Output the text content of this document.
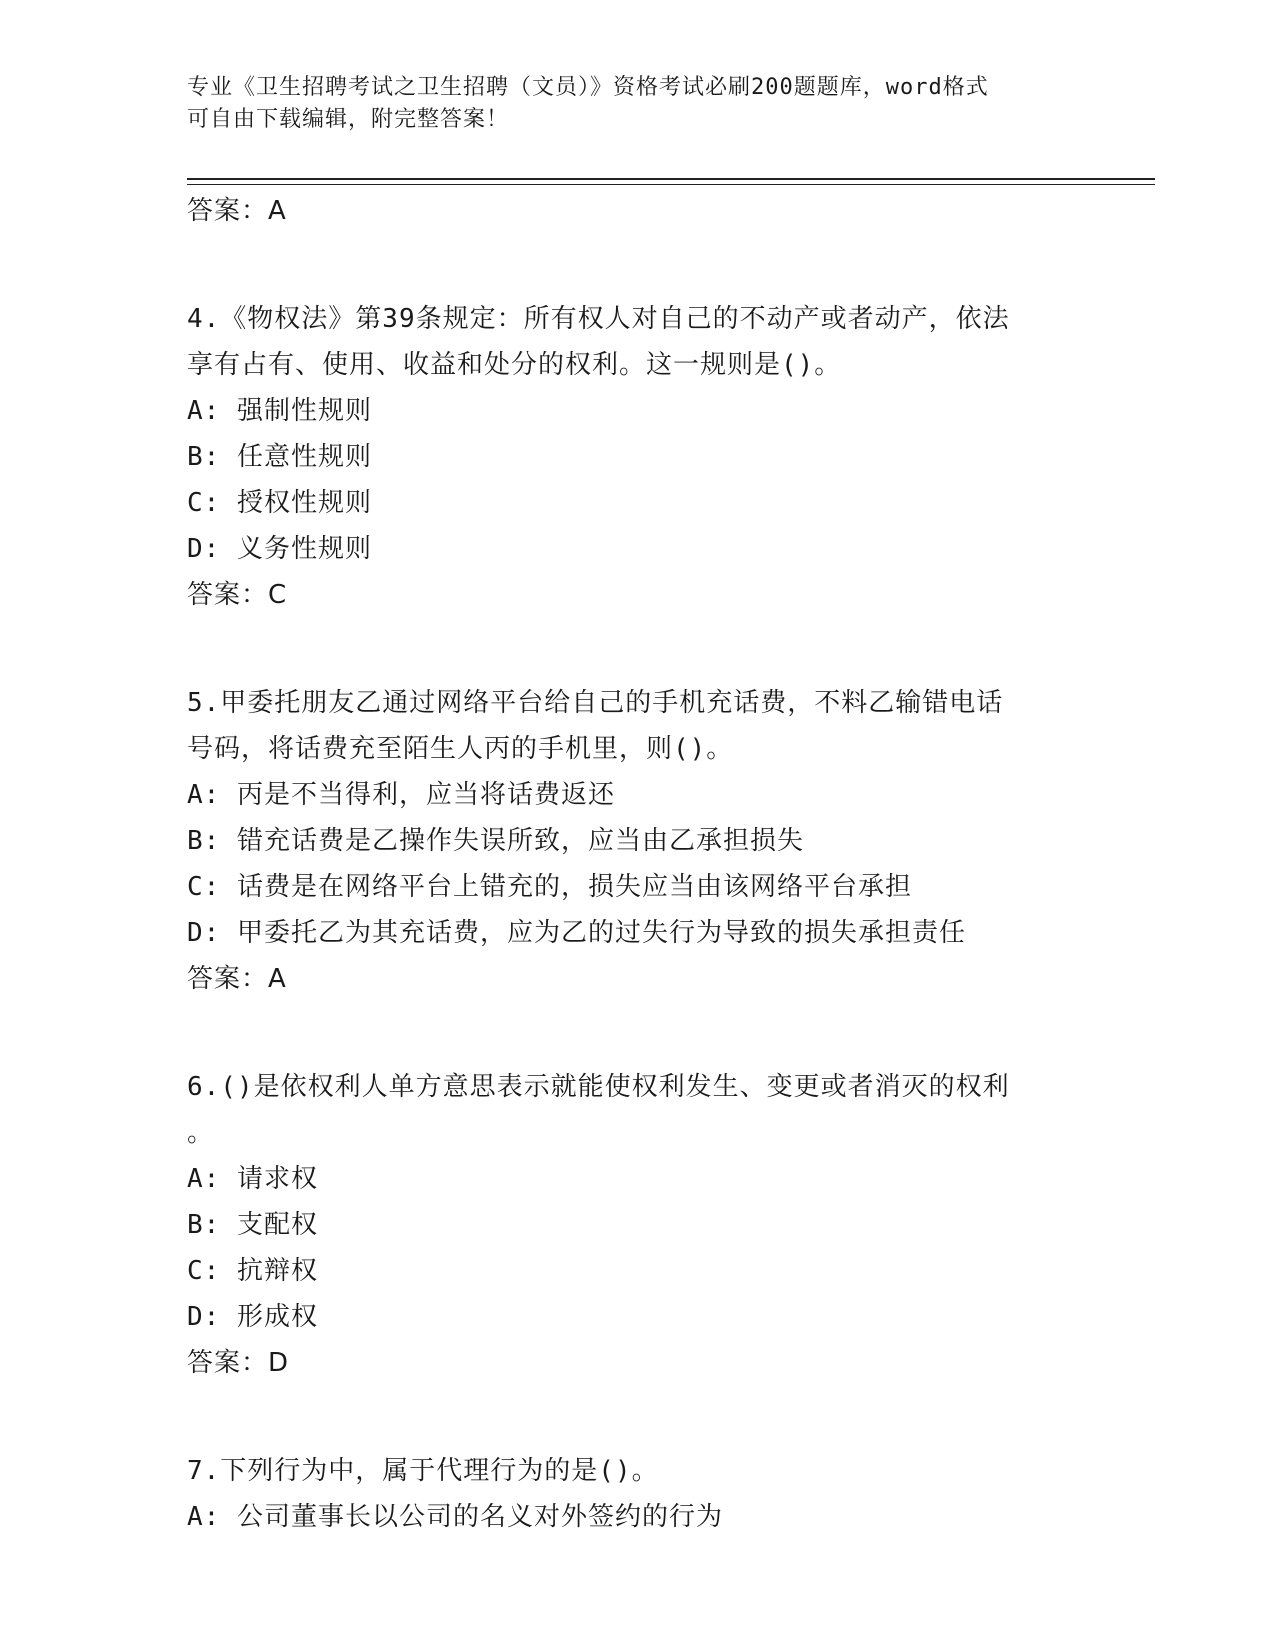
专业《卫生招聘考试之卫生招聘（文员）》资格考试必刷200题题库，word格式
可自由下载编辑，附完整答案！

答案：A

4.《物权法》第39条规定：所有权人对自己的不动产或者动产，依法

享有占有、使用、收益和处分的权利。这一规则是()。

A: 强制性规则

B: 任意性规则

C: 授权性规则

D: 义务性规则

答案：C

5.甲委托朋友乙通过网络平台给自己的手机充话费，不料乙输错电话

号码，将话费充至陌生人丙的手机里，则()。

A: 丙是不当得利，应当将话费返还

B: 错充话费是乙操作失误所致，应当由乙承担损失

C: 话费是在网络平台上错充的，损失应当由该网络平台承担

D: 甲委托乙为其充话费，应为乙的过失行为导致的损失承担责任

答案：A

6.()是依权利人单方意思表示就能使权利发生、变更或者消灭的权利

。

A: 请求权

B: 支配权

C: 抗辩权

D: 形成权

答案：D

7.下列行为中，属于代理行为的是()。

A: 公司董事长以公司的名义对外签约的行为
